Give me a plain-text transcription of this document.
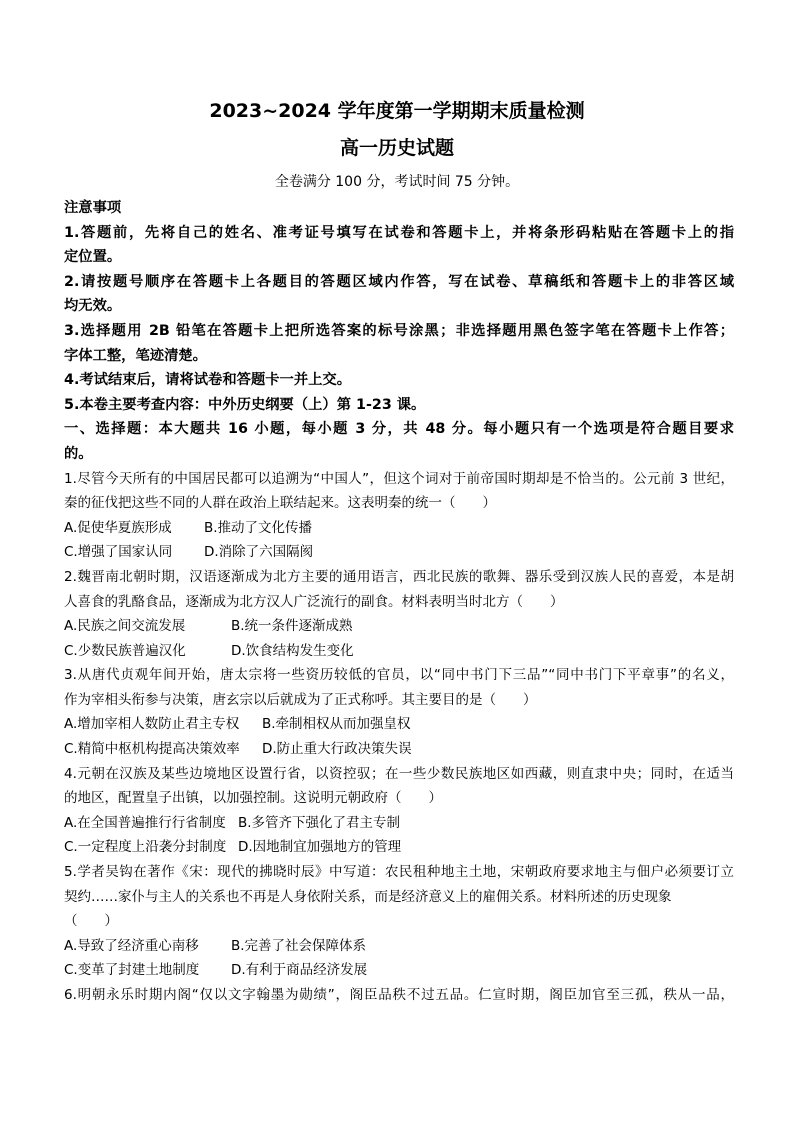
2023~2024 学年度第一学期期末质量检测
高一历史试题
全卷满分 100 分，考试时间 75 分钟。
注意事项
1.答题前，先将自己的姓名、准考证号填写在试卷和答题卡上，并将条形码粘贴在答题卡上的指
定位置。
2.请按题号顺序在答题卡上各题目的答题区域内作答，写在试卷、草稿纸和答题卡上的非答区域
均无效。
3.选择题用 2B 铅笔在答题卡上把所选答案的标号涂黑；非选择题用黑色签字笔在答题卡上作答；
字体工整，笔迹清楚。
4.考试结束后，请将试卷和答题卡一并上交。
5.本卷主要考查内容：中外历史纲要（上）第 1-23 课。
一、选择题：本大题共 16 小题，每小题 3 分，共 48 分。每小题只有一个选项是符合题目要求
的。
1.尽管今天所有的中国居民都可以追溯为“中国人”，但这个词对于前帝国时期却是不恰当的。公元前 3 世纪，
秦的征伐把这些不同的人群在政治上联结起来。这表明秦的统一（　　）
A.促使华夏族形成 B.推动了文化传播
C.增强了国家认同 D.消除了六国隔阂
2.魏晋南北朝时期，汉语逐渐成为北方主要的通用语言，西北民族的歌舞、器乐受到汉族人民的喜爱，本是胡
人喜食的乳酪食品，逐渐成为北方汉人广泛流行的副食。材料表明当时北方（　　）
A.民族之间交流发展	B.统一条件逐渐成熟
C.少数民族普遍汉化	D.饮食结构发生变化
3.从唐代贞观年间开始，唐太宗将一些资历较低的官员，以“同中书门下三品”“同中书门下平章事”的名义，
作为宰相头衔参与决策，唐玄宗以后就成为了正式称呼。其主要目的是（　　）
A.增加宰相人数防止君主专权 B.牵制相权从而加强皇权
C.精简中枢机构提高决策效率 D.防止重大行政决策失误
4.元朝在汉族及某些边境地区设置行省，以资控驭；在一些少数民族地区如西藏，则直隶中央；同时，在适当
的地区，配置皇子出镇，以加强控制。这说明元朝政府（　　）
A.在全国普遍推行行省制度 B.多管齐下强化了君主专制
C.一定程度上沿袭分封制度 D.因地制宜加强地方的管理
5.学者吴钩在著作《宋：现代的拂晓时辰》中写道：农民租种地主土地，宋朝政府要求地主与佃户必须要订立
契约……家仆与主人的关系也不再是人身依附关系，而是经济意义上的雇佣关系。材料所述的历史现象
（　　）
A.导致了经济重心南移 B.完善了社会保障体系
C.变革了封建土地制度 D.有利于商品经济发展
6.明朝永乐时期内阁“仅以文字翰墨为勋绩”，阁臣品秩不过五品。仁宣时期，阁臣加官至三孤，秩从一品，
